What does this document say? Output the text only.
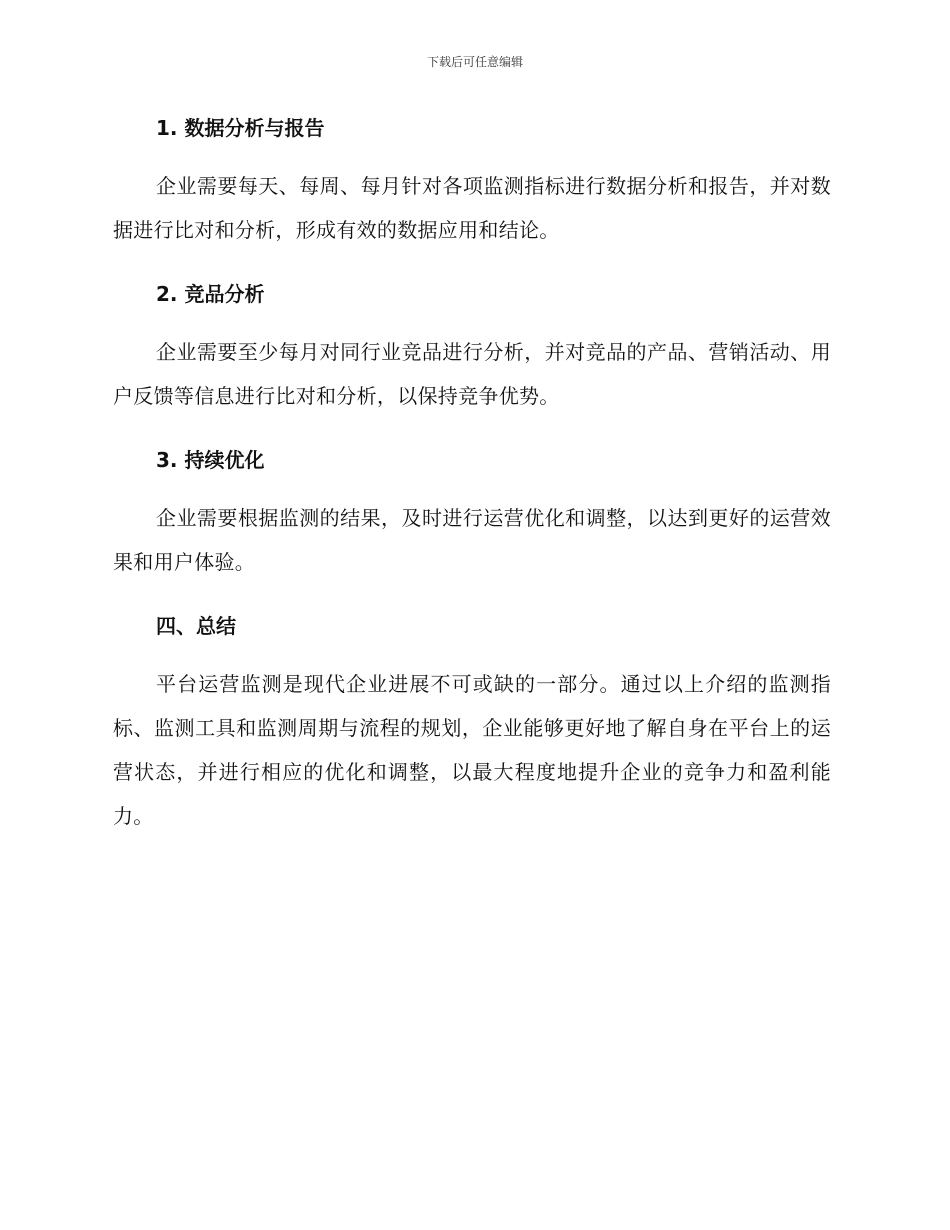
下载后可任意编辑
1. 数据分析与报告

企业需要每天、每周、每月针对各项监测指标进行数据分析和报告，并对数据进行比对和分析，形成有效的数据应用和结论。

2. 竞品分析

企业需要至少每月对同行业竞品进行分析，并对竞品的产品、营销活动、用户反馈等信息进行比对和分析，以保持竞争优势。

3. 持续优化

企业需要根据监测的结果，及时进行运营优化和调整，以达到更好的运营效果和用户体验。

四、总结

平台运营监测是现代企业进展不可或缺的一部分。通过以上介绍的监测指标、监测工具和监测周期与流程的规划，企业能够更好地了解自身在平台上的运营状态，并进行相应的优化和调整，以最大程度地提升企业的竞争力和盈利能力。
